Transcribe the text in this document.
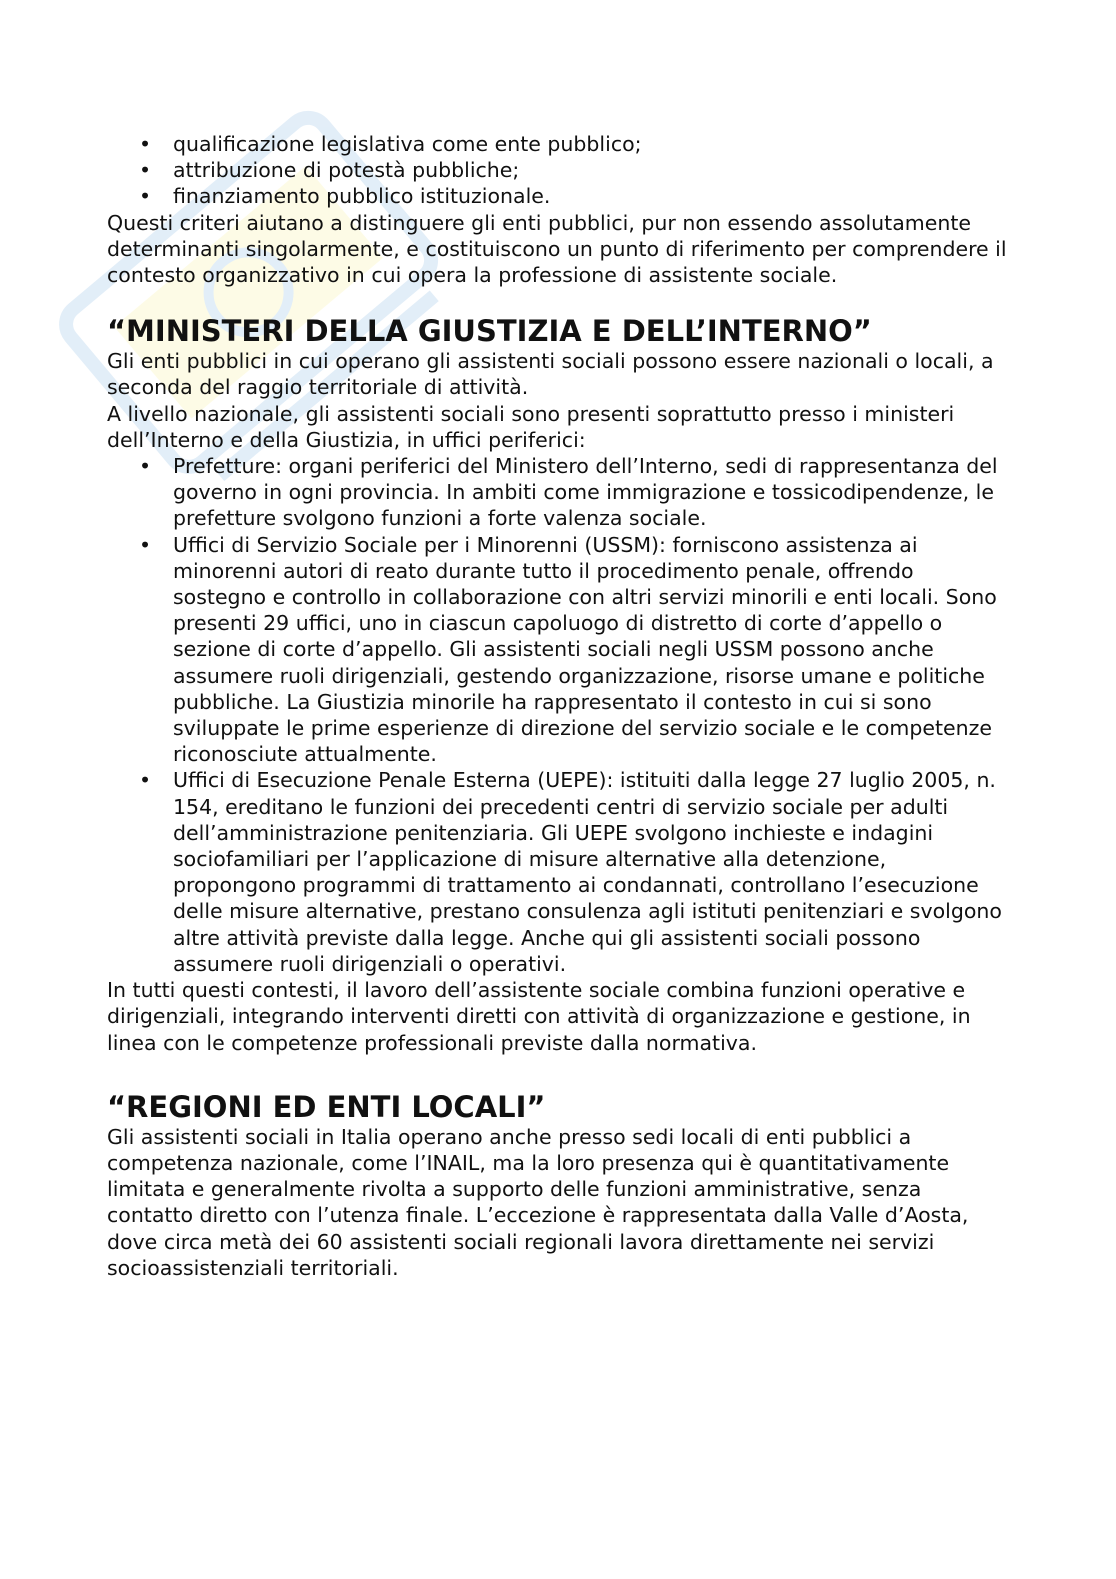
• qualificazione legislativa come ente pubblico;
• attribuzione di potestà pubbliche;
• finanziamento pubblico istituzionale.

Questi criteri aiutano a distinguere gli enti pubblici, pur non essendo assolutamente determinanti singolarmente, e costituiscono un punto di riferimento per comprendere il contesto organizzativo in cui opera la professione di assistente sociale.

“MINISTERI DELLA GIUSTIZIA E DELL’INTERNO”

Gli enti pubblici in cui operano gli assistenti sociali possono essere nazionali o locali, a seconda del raggio territoriale di attività.

A livello nazionale, gli assistenti sociali sono presenti soprattutto presso i ministeri dell’Interno e della Giustizia, in uffici periferici:

• Prefetture: organi periferici del Ministero dell’Interno, sedi di rappresentanza del governo in ogni provincia. In ambiti come immigrazione e tossicodipendenze, le prefetture svolgono funzioni a forte valenza sociale.
• Uffici di Servizio Sociale per i Minorenni (USSM): forniscono assistenza ai minorenni autori di reato durante tutto il procedimento penale, offrendo sostegno e controllo in collaborazione con altri servizi minorili e enti locali. Sono presenti 29 uffici, uno in ciascun capoluogo di distretto di corte d’appello o sezione di corte d’appello. Gli assistenti sociali negli USSM possono anche assumere ruoli dirigenziali, gestendo organizzazione, risorse umane e politiche pubbliche. La Giustizia minorile ha rappresentato il contesto in cui si sono sviluppate le prime esperienze di direzione del servizio sociale e le competenze riconosciute attualmente.
• Uffici di Esecuzione Penale Esterna (UEPE): istituiti dalla legge 27 luglio 2005, n. 154, ereditano le funzioni dei precedenti centri di servizio sociale per adulti dell’amministrazione penitenziaria. Gli UEPE svolgono inchieste e indagini sociofamiliari per l’applicazione di misure alternative alla detenzione, propongono programmi di trattamento ai condannati, controllano l’esecuzione delle misure alternative, prestano consulenza agli istituti penitenziari e svolgono altre attività previste dalla legge. Anche qui gli assistenti sociali possono assumere ruoli dirigenziali o operativi.

In tutti questi contesti, il lavoro dell’assistente sociale combina funzioni operative e dirigenziali, integrando interventi diretti con attività di organizzazione e gestione, in linea con le competenze professionali previste dalla normativa.

“REGIONI ED ENTI LOCALI”

Gli assistenti sociali in Italia operano anche presso sedi locali di enti pubblici a competenza nazionale, come l’INAIL, ma la loro presenza qui è quantitativamente limitata e generalmente rivolta a supporto delle funzioni amministrative, senza contatto diretto con l’utenza finale. L’eccezione è rappresentata dalla Valle d’Aosta, dove circa metà dei 60 assistenti sociali regionali lavora direttamente nei servizi socioassistenziali territoriali.
